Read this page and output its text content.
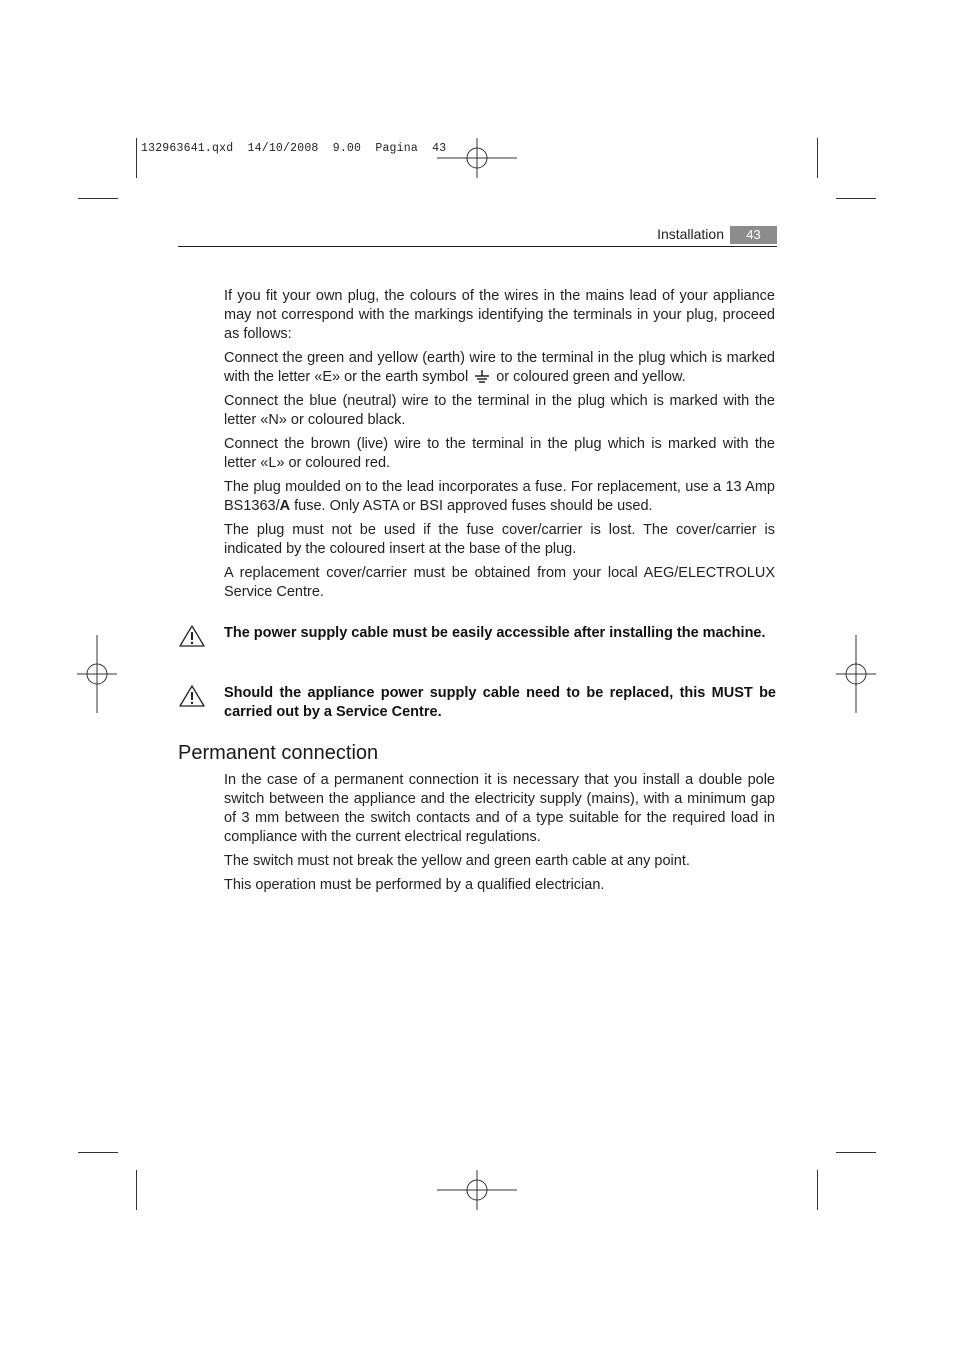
132963641.qxd  14/10/2008  9.00  Pagina  43
Installation	43

If you fit your own plug, the colours of the wires in the mains lead of your appliance may not correspond with the markings identifying the terminals in your plug, proceed as follows:

Connect the green and yellow (earth) wire to the terminal in the plug which is marked with the letter «E» or the earth symbol or coloured green and yellow.

Connect the blue (neutral) wire to the terminal in the plug which is marked with the letter «N» or coloured black.

Connect the brown (live) wire to the terminal in the plug which is marked with the letter «L» or coloured red.

The plug moulded on to the lead incorporates a fuse. For replacement, use a 13 Amp BS1363/A fuse. Only ASTA or BSI approved fuses should be used.

The plug must not be used if the fuse cover/carrier is lost. The cover/carrier is indicated by the coloured insert at the base of the plug.

A replacement cover/carrier must be obtained from your local AEG/ELECTROLUX Service Centre.

The power supply cable must be easily accessible after installing the machine.
Should the appliance power supply cable need to be replaced, this MUST be carried out by a Service Centre.
Permanent connection

In the case of a permanent connection it is necessary that you install a double pole switch between the appliance and the electricity supply (mains), with a minimum gap of 3 mm between the switch contacts and of a type suitable for the required load in compliance with the current electrical regulations.

The switch must not break the yellow and green earth cable at any point.

This operation must be performed by a qualified electrician.
